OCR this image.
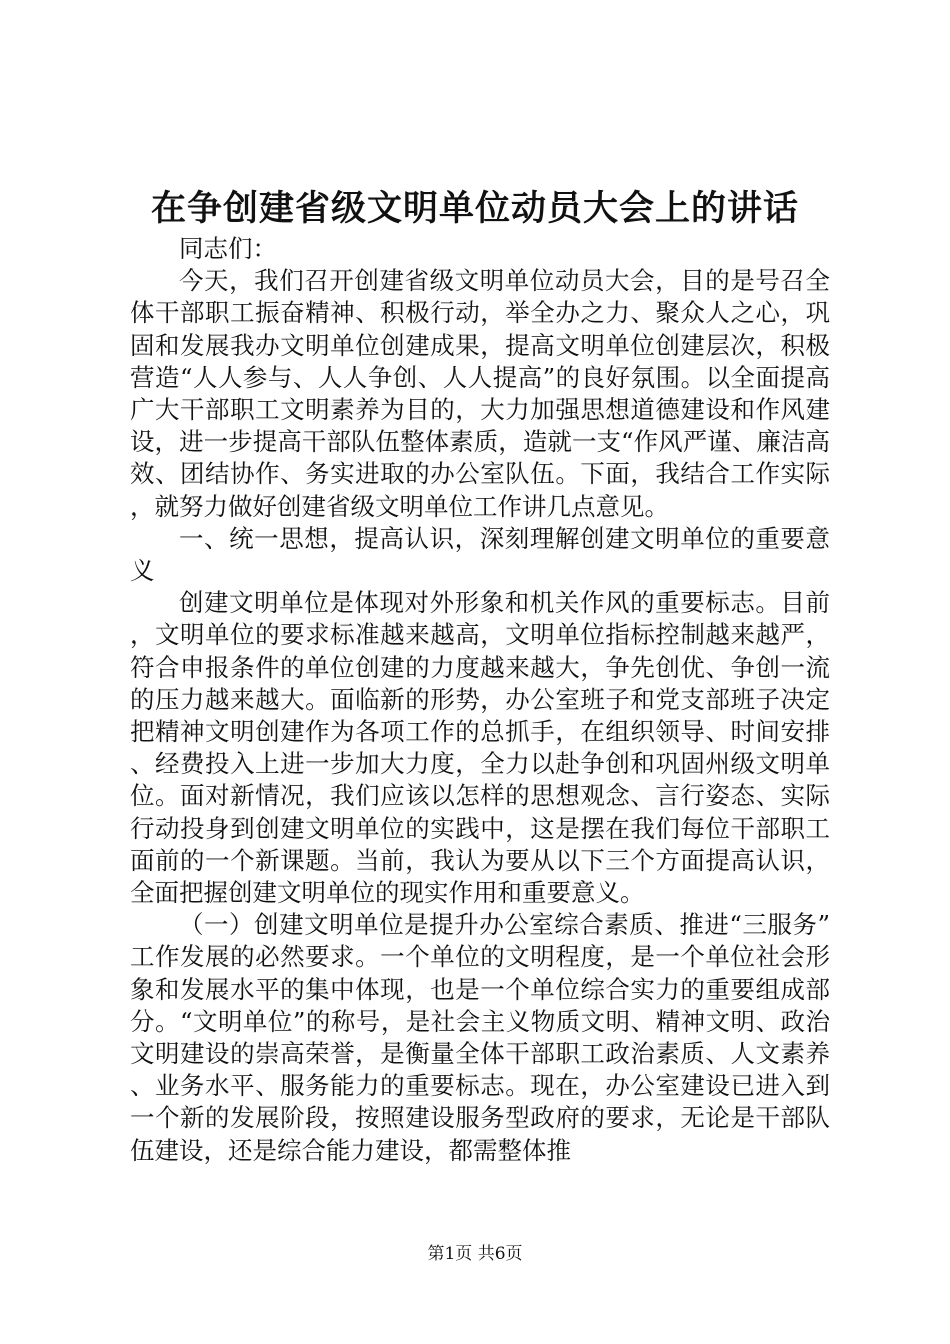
在争创建省级文明单位动员大会上的讲话

同志们：

今天，我们召开创建省级文明单位动员大会，目的是号召全体干部职工振奋精神、积极行动，举全办之力、聚众人之心，巩固和发展我办文明单位创建成果，提高文明单位创建层次，积极营造“人人参与、人人争创、人人提高”的良好氛围。以全面提高广大干部职工文明素养为目的，大力加强思想道德建设和作风建设，进一步提高干部队伍整体素质，造就一支“作风严谨、廉洁高效、团结协作、务实进取的办公室队伍。下面，我结合工作实际，就努力做好创建省级文明单位工作讲几点意见。

一、统一思想，提高认识，深刻理解创建文明单位的重要意义

创建文明单位是体现对外形象和机关作风的重要标志。目前，文明单位的要求标准越来越高，文明单位指标控制越来越严，符合申报条件的单位创建的力度越来越大，争先创优、争创一流的压力越来越大。面临新的形势，办公室班子和党支部班子决定把精神文明创建作为各项工作的总抓手，在组织领导、时间安排、经费投入上进一步加大力度，全力以赴争创和巩固州级文明单位。面对新情况，我们应该以怎样的思想观念、言行姿态、实际行动投身到创建文明单位的实践中，这是摆在我们每位干部职工面前的一个新课题。当前，我认为要从以下三个方面提高认识，全面把握创建文明单位的现实作用和重要意义。

（一）创建文明单位是提升办公室综合素质、推进“三服务”工作发展的必然要求。一个单位的文明程度，是一个单位社会形象和发展水平的集中体现，也是一个单位综合实力的重要组成部分。“文明单位”的称号，是社会主义物质文明、精神文明、政治文明建设的崇高荣誉，是衡量全体干部职工政治素质、人文素养、业务水平、服务能力的重要标志。现在，办公室建设已进入到一个新的发展阶段，按照建设服务型政府的要求，无论是干部队伍建设，还是综合能力建设，都需整体推

第1页 共6页
